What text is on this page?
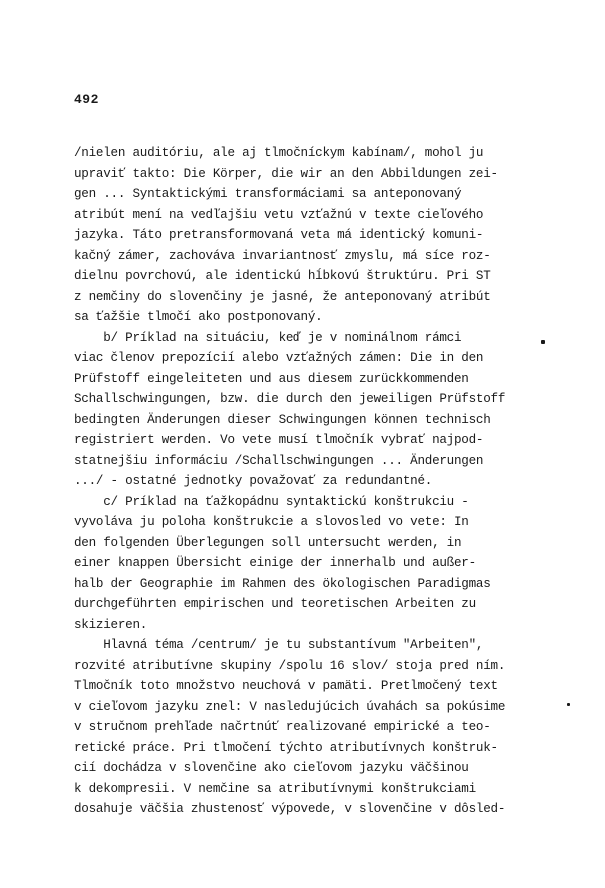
492
/nielen auditóriu, ale aj tlmočníckym kabínam/, mohol ju
upraviť takto: Die Körper, die wir an den Abbildungen zei-
gen ... Syntaktickými transformáciami sa anteponovaný
atribút mení na vedľajšiu vetu vzťažnú v texte cieľového
jazyka. Táto pretransformovaná veta má identický komuni-
kačný zámer, zachováva invariantnosť zmyslu, má síce roz-
dielnu povrchovú, ale identickú hĺbkovú štruktúru. Pri ST
z nemčiny do slovenčiny je jasné, že anteponovaný atribút
sa ťažšie tlmočí ako postponovaný.
b/ Príklad na situáciu, keď je v nominálnom rámci
viac členov prepozícií alebo vzťažných zámen: Die in den
Prüfstoff eingeleiteten und aus diesem zurückkommenden
Schallschwingungen, bzw. die durch den jeweiligen Prüfstoff
bedingten Änderungen dieser Schwingungen können technisch
registriert werden. Vo vete musí tlmočník vybrať najpod-
statnejšiu informáciu /Schallschwingungen ... Änderungen
.../ - ostatné jednotky považovať za redundantné.
c/ Príklad na ťažkopádnu syntaktickú konštrukciu -
vyvoláva ju poloha konštrukcie a slovosled vo vete: In
den folgenden Überlegungen soll untersucht werden, in
einer knappen Übersicht einige der innerhalb und außer-
halb der Geographie im Rahmen des ökologischen Paradigmas
durchgeführten empirischen und teoretischen Arbeiten zu
skizieren.
Hlavná téma /centrum/ je tu substantívum "Arbeiten",
rozvité atributívne skupiny /spolu 16 slov/ stoja pred ním.
Tlmočník toto množstvo neuchová v pamäti. Pretlmočený text
v cieľovom jazyku znel: V nasledujúcich úvahách sa pokúsime
v stručnom prehľade načrtnúť realizované empirické a teo-
retické práce. Pri tlmočení týchto atributívnych konštruk-
cií dochádza v slovenčine ako cieľovom jazyku väčšinou
k dekompresii. V nemčine sa atributívnymi konštrukciami
dosahuje väčšia zhustenosť výpovede, v slovenčine v dôsled-
